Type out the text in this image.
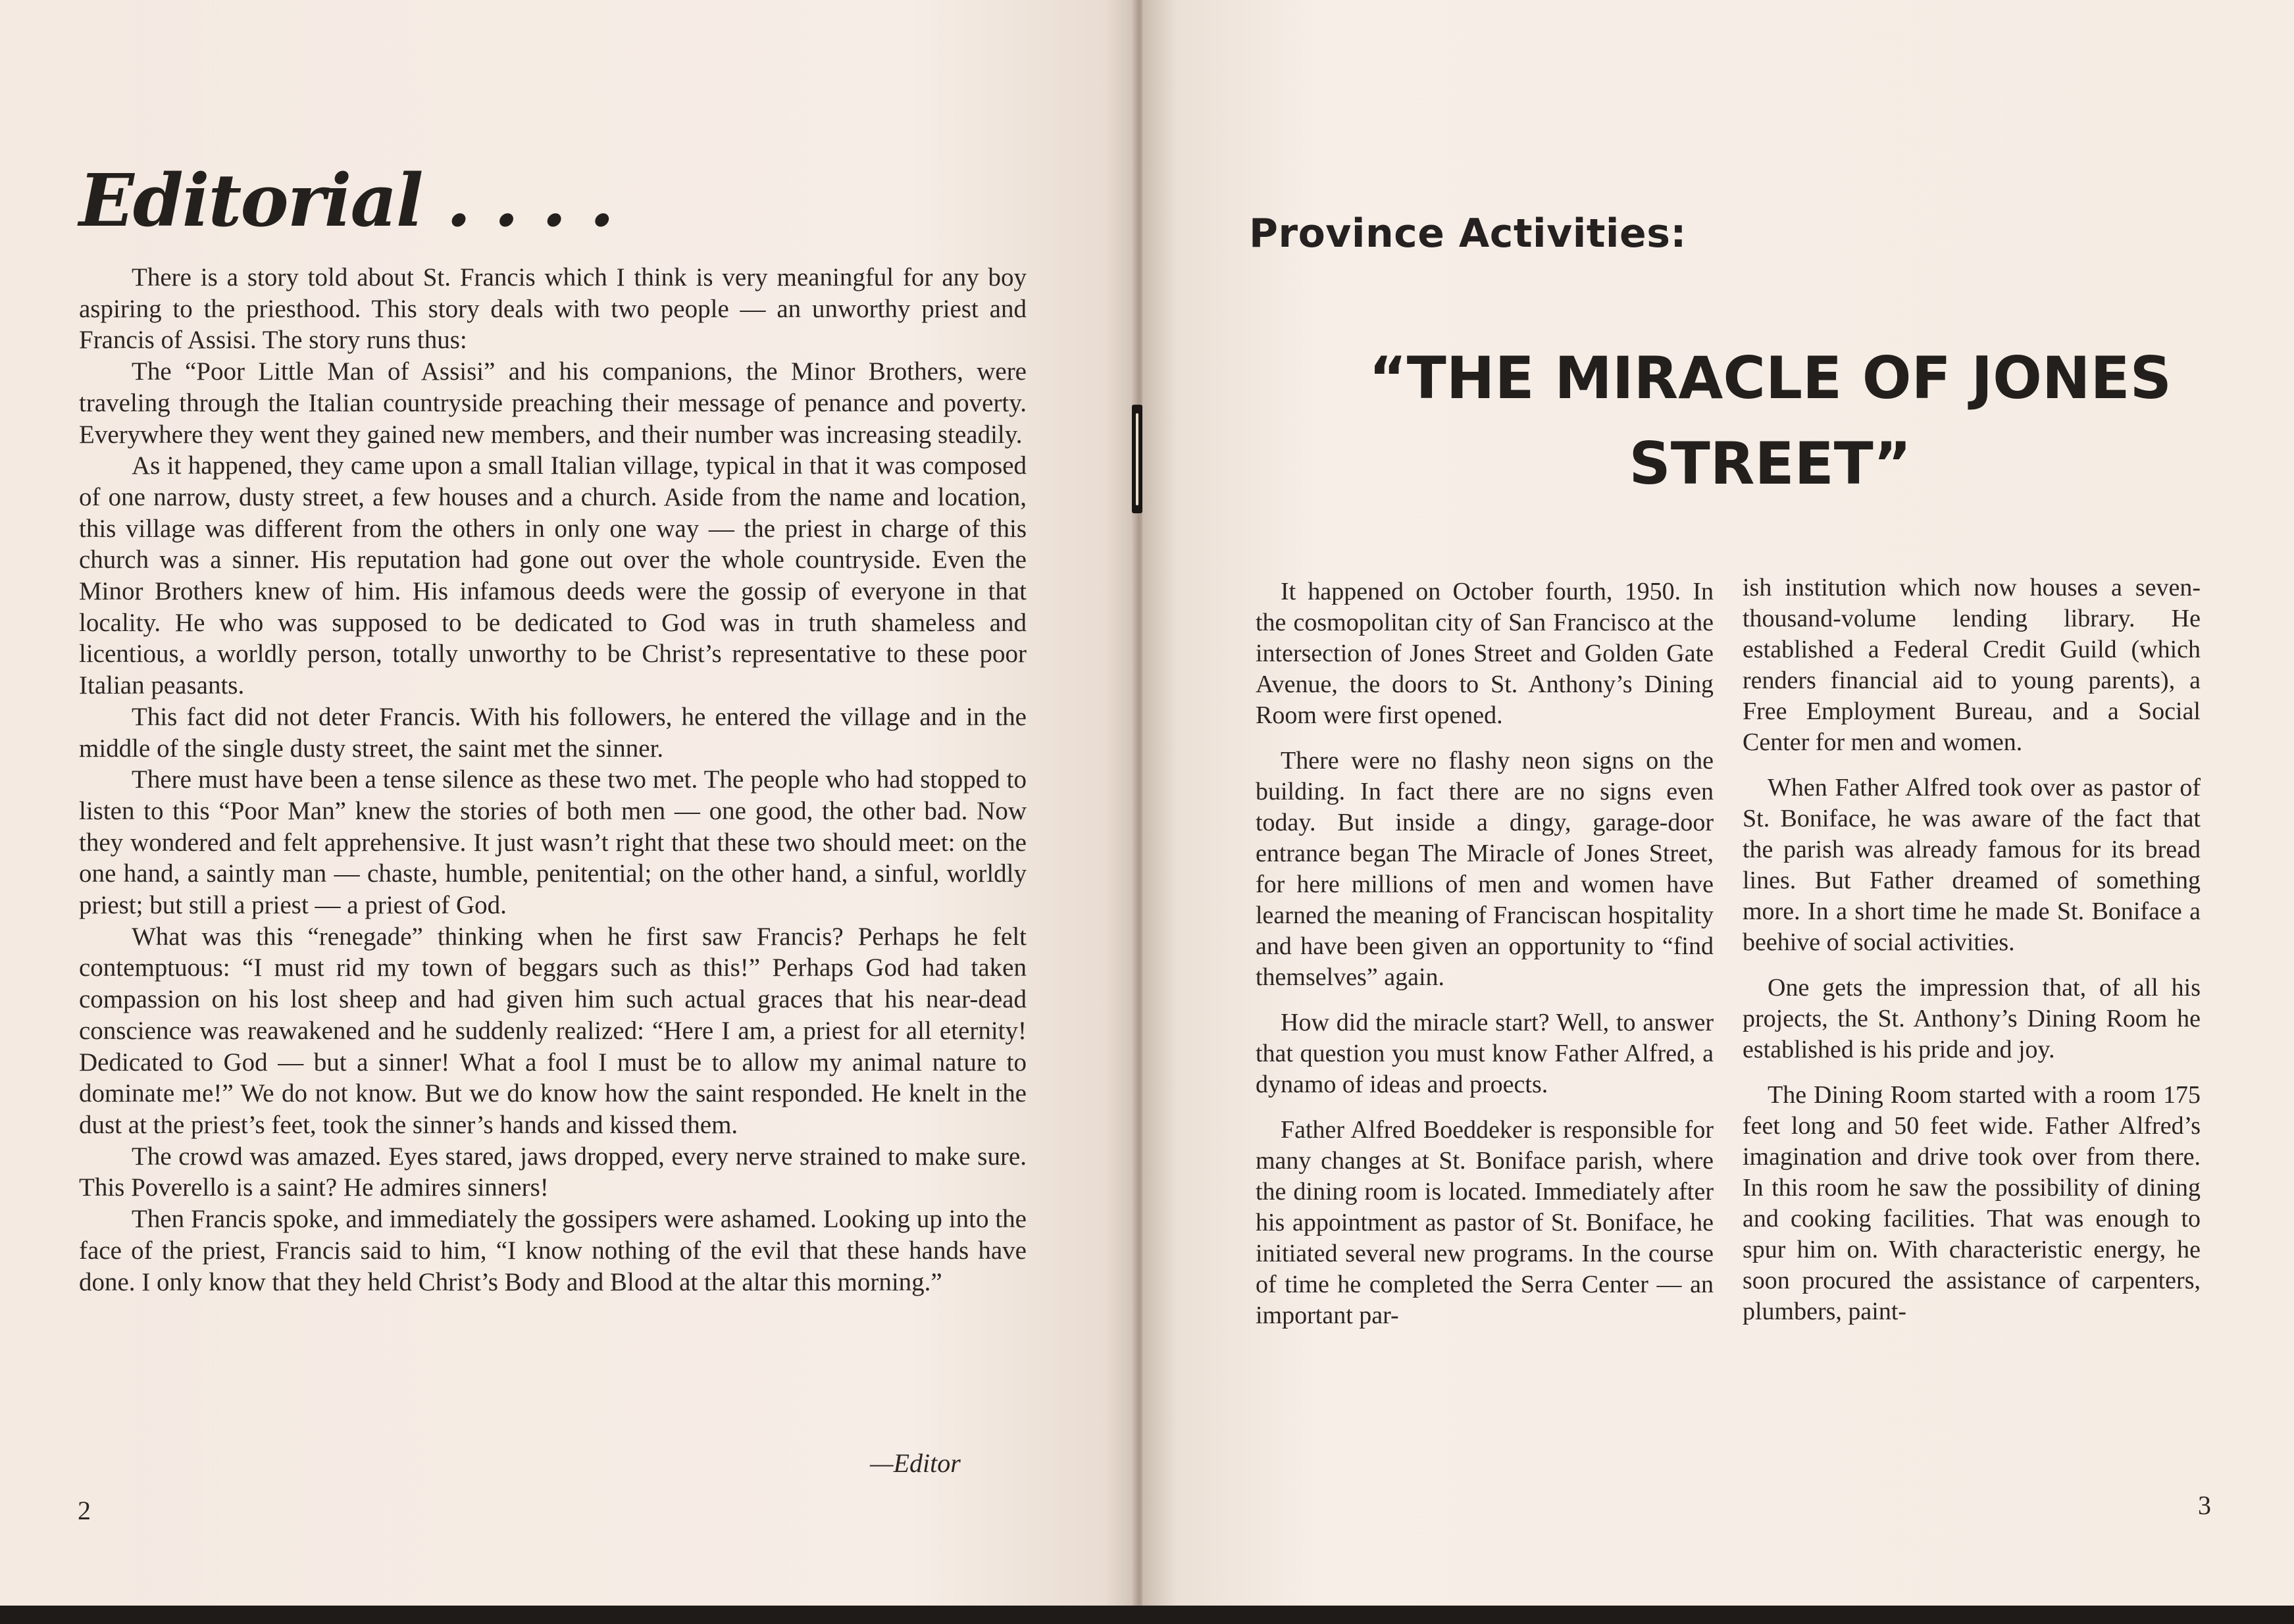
Editorial . . . .

There is a story told about St. Francis which I think is very meaningful for any boy aspiring to the priesthood. This story deals with two people — an unworthy priest and Francis of Assisi. The story runs thus:

The “Poor Little Man of Assisi” and his companions, the Minor Brothers, were traveling through the Italian countryside preaching their message of penance and poverty. Everywhere they went they gained new members, and their number was increasing steadily.

As it happened, they came upon a small Italian village, typical in that it was composed of one narrow, dusty street, a few houses and a church. Aside from the name and location, this village was different from the others in only one way — the priest in charge of this church was a sinner. His reputation had gone out over the whole countryside. Even the Minor Brothers knew of him. His infamous deeds were the gossip of everyone in that locality. He who was supposed to be dedicated to God was in truth shameless and licentious, a worldly person, totally unworthy to be Christ’s representative to these poor Italian peasants.

This fact did not deter Francis. With his followers, he entered the village and in the middle of the single dusty street, the saint met the sinner.

There must have been a tense silence as these two met. The people who had stopped to listen to this “Poor Man” knew the stories of both men — one good, the other bad. Now they wondered and felt apprehensive. It just wasn’t right that these two should meet: on the one hand, a saintly man — chaste, humble, penitential; on the other hand, a sinful, worldly priest; but still a priest — a priest of God.

What was this “renegade” thinking when he first saw Francis? Perhaps he felt contemptuous: “I must rid my town of beggars such as this!” Perhaps God had taken compassion on his lost sheep and had given him such actual graces that his near-dead conscience was reawakened and he suddenly realized: “Here I am, a priest for all eternity! Dedicated to God — but a sinner! What a fool I must be to allow my animal nature to dominate me!” We do not know. But we do know how the saint responded. He knelt in the dust at the priest’s feet, took the sinner’s hands and kissed them.

The crowd was amazed. Eyes stared, jaws dropped, every nerve strained to make sure. This Poverello is a saint? He admires sinners!

Then Francis spoke, and immediately the gossipers were ashamed. Looking up into the face of the priest, Francis said to him, “I know nothing of the evil that these hands have done. I only know that they held Christ’s Body and Blood at the altar this morning.”

—Editor
2
Province Activities:
“THE MIRACLE OF JONES STREET”

It happened on October fourth, 1950. In the cosmopolitan city of San Francisco at the intersection of Jones Street and Golden Gate Avenue, the doors to St. Anthony’s Dining Room were first opened.

There were no flashy neon signs on the building. In fact there are no signs even today. But inside a dingy, garage-door entrance began The Miracle of Jones Street, for here millions of men and women have learned the meaning of Franciscan hospitality and have been given an opportunity to “find themselves” again.

How did the miracle start? Well, to answer that question you must know Father Alfred, a dynamo of ideas and proects.

Father Alfred Boeddeker is responsible for many changes at St. Boniface parish, where the dining room is located. Immediately after his appointment as pastor of St. Boniface, he initiated several new programs. In the course of time he completed the Serra Center — an important par-

ish institution which now houses a seven-thousand-volume lending library. He established a Federal Credit Guild (which renders financial aid to young parents), a Free Employment Bureau, and a Social Center for men and women.

When Father Alfred took over as pastor of St. Boniface, he was aware of the fact that the parish was already famous for its bread lines. But Father dreamed of something more. In a short time he made St. Boniface a beehive of social activities.

One gets the impression that, of all his projects, the St. Anthony’s Dining Room he established is his pride and joy.

The Dining Room started with a room 175 feet long and 50 feet wide. Father Alfred’s imagination and drive took over from there. In this room he saw the possibility of dining and cooking facilities. That was enough to spur him on. With characteristic energy, he soon procured the assistance of carpenters, plumbers, paint-

3
